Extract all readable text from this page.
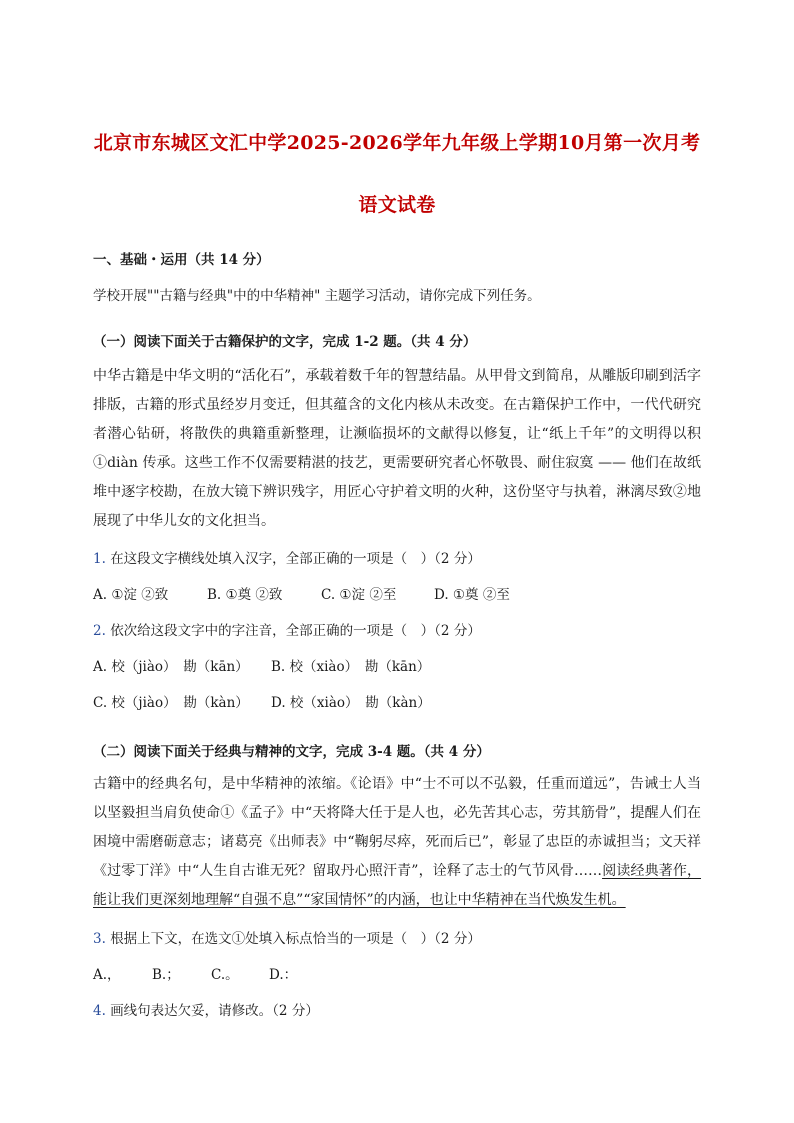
北京市东城区文汇中学2025-2026学年九年级上学期10月第一次月考
语文试卷
一、基础・运用（共 14 分）
学校开展""古籍与经典"中的中华精神" 主题学习活动，请你完成下列任务。
（一）阅读下面关于古籍保护的文字，完成 1-2 题。（共 4 分）
中华古籍是中华文明的“活化石”，承载着数千年的智慧结晶。从甲骨文到简帛，从雕版印刷到活字排版，古籍的形式虽经岁月变迁，但其蕴含的文化内核从未改变。在古籍保护工作中，一代代研究者潜心钻研，将散佚的典籍重新整理，让濒临损坏的文献得以修复，让“纸上千年”的文明得以积①diàn 传承。这些工作不仅需要精湛的技艺，更需要研究者心怀敬畏、耐住寂寞 —— 他们在故纸堆中逐字校勘，在放大镜下辨识残字，用匠心守护着文明的火种，这份坚守与执着，淋漓尽致②地展现了中华儿女的文化担当。
1. 在这段文字横线处填入汉字，全部正确的一项是（　）（2 分）
A. ①淀 ②致	B. ①奠 ②致	C. ①淀 ②至	D. ①奠 ②至
2. 依次给这段文字中的字注音，全部正确的一项是（　）（2 分）
A. 校（jiào）　勘（kān） B. 校（xiào）　勘（kān）
C. 校（jiào）　勘（kàn） D. 校（xiào）　勘（kàn）
（二）阅读下面关于经典与精神的文字，完成 3-4 题。（共 4 分）
古籍中的经典名句，是中华精神的浓缩。《论语》中“士不可以不弘毅，任重而道远”，告诫士人当以坚毅担当肩负使命①《孟子》中“天将降大任于是人也，必先苦其心志，劳其筋骨”，提醒人们在困境中需磨砺意志；诸葛亮《出师表》中“鞠躬尽瘁，死而后已”，彰显了忠臣的赤诚担当；文天祥《过零丁洋》中“人生自古谁无死？留取丹心照汗青”，诠释了志士的气节风骨……阅读经典著作，能让我们更深刻地理解“自强不息”“家国情怀”的内涵，也让中华精神在当代焕发生机。
3. 根据上下文，在选文①处填入标点恰当的一项是（　）（2 分）
A.， B.； C.。 D.：
4. 画线句表达欠妥，请修改。（2 分）
